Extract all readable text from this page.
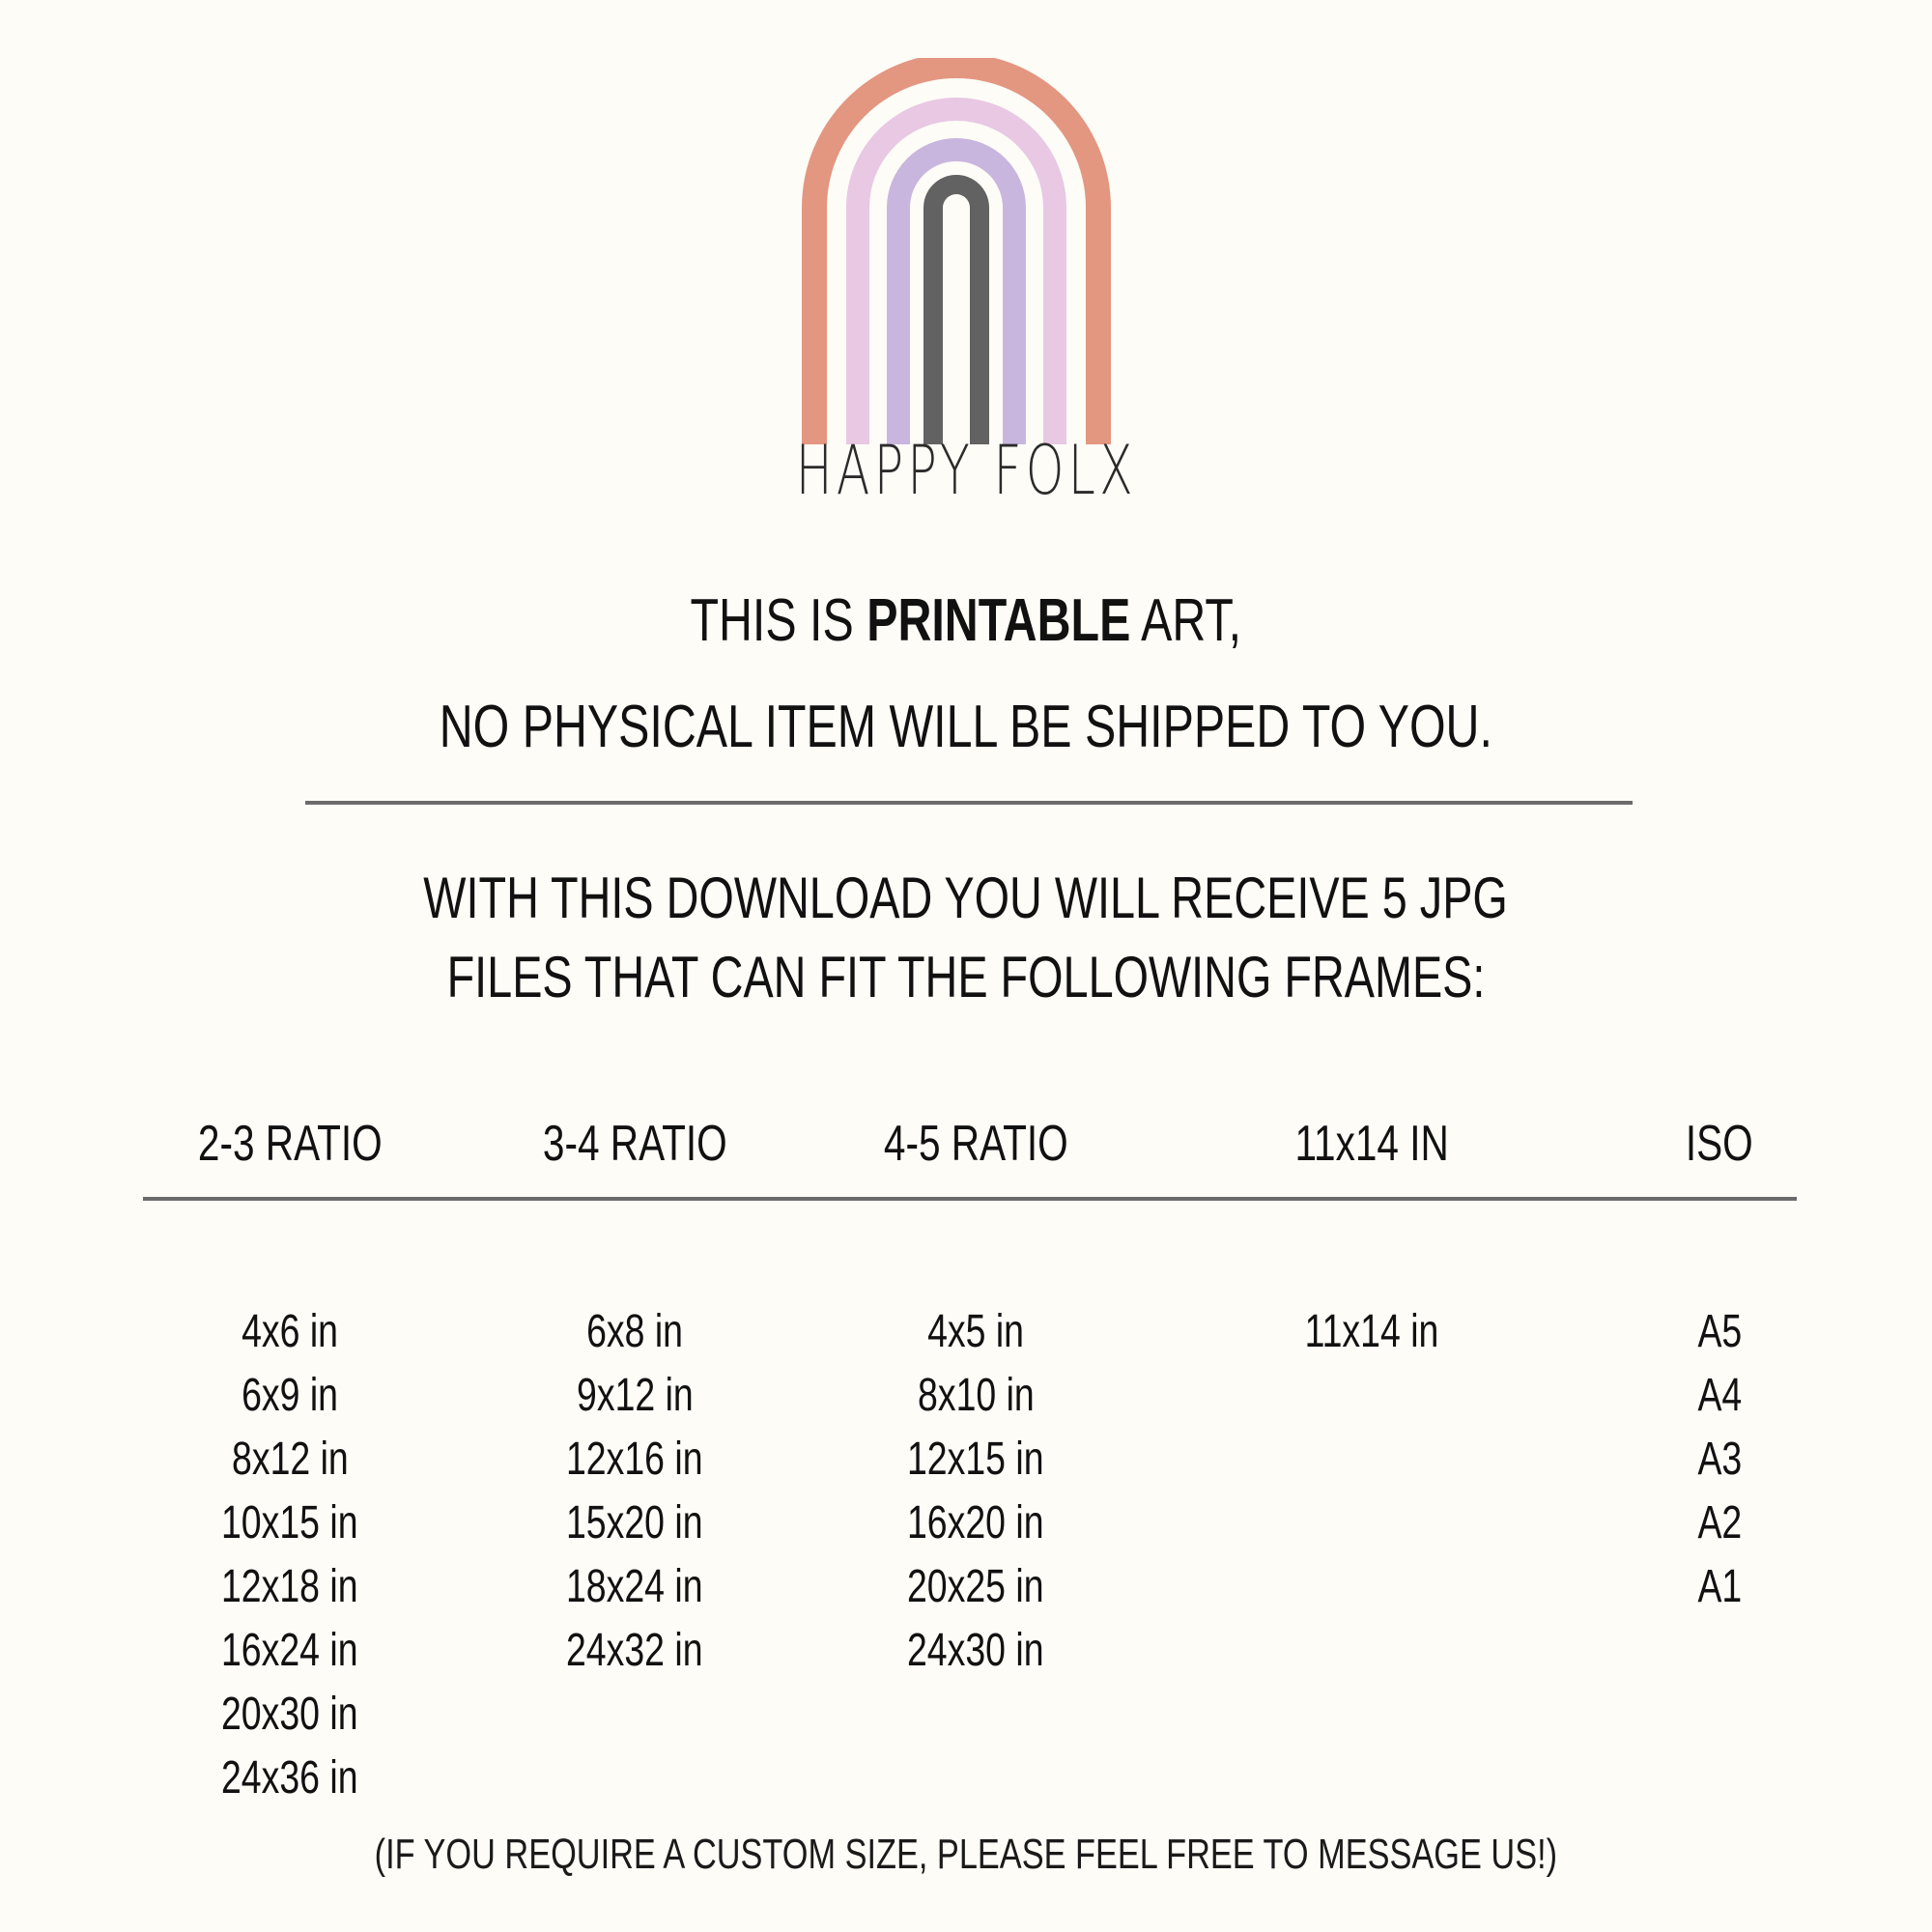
HAPPY FOLX
THIS IS PRINTABLE ART,
NO PHYSICAL ITEM WILL BE SHIPPED TO YOU.
WITH THIS DOWNLOAD YOU WILL RECEIVE 5 JPG
FILES THAT CAN FIT THE FOLLOWING FRAMES:
2-3 RATIO
4x6 in
6x9 in
8x12 in
10x15 in
12x18 in
16x24 in
20x30 in
24x36 in
3-4 RATIO
6x8 in
9x12 in
12x16 in
15x20 in
18x24 in
24x32 in
4-5 RATIO
4x5 in
8x10 in
12x15 in
16x20 in
20x25 in
24x30 in
11x14 IN
11x14 in
ISO
A5
A4
A3
A2
A1
(IF YOU REQUIRE A CUSTOM SIZE, PLEASE FEEL FREE TO MESSAGE US!)
